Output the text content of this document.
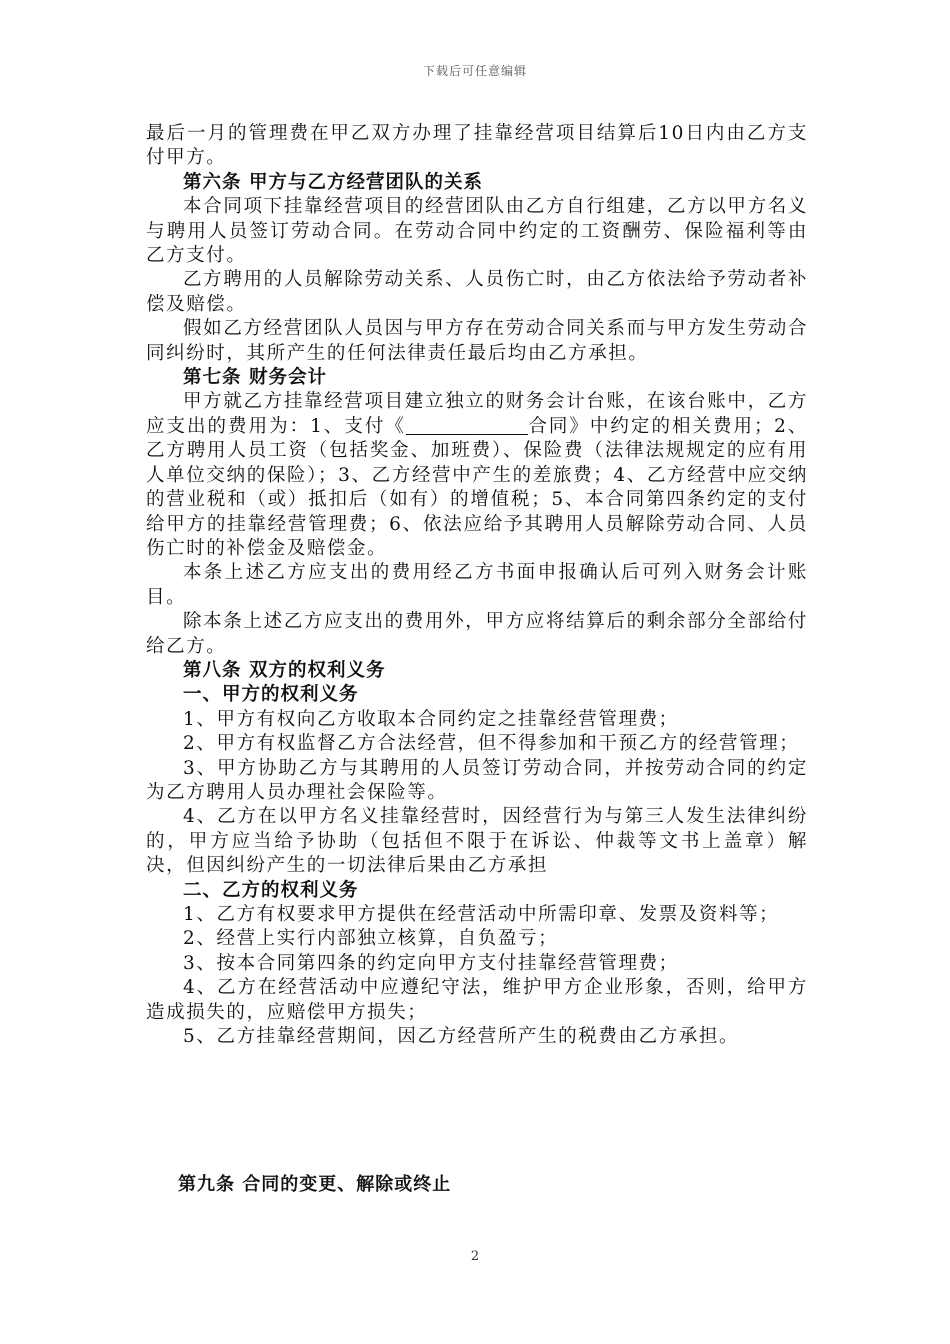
下载后可任意编辑

最后一月的管理费在甲乙双方办理了挂靠经营项目结算后10日内由乙方支付甲方。

第六条 甲方与乙方经营团队的关系

本合同项下挂靠经营项目的经营团队由乙方自行组建，乙方以甲方名义与聘用人员签订劳动合同。在劳动合同中约定的工资酬劳、保险福利等由乙方支付。

乙方聘用的人员解除劳动关系、人员伤亡时，由乙方依法给予劳动者补偿及赔偿。

假如乙方经营团队人员因与甲方存在劳动合同关系而与甲方发生劳动合同纠纷时，其所产生的任何法律责任最后均由乙方承担。

第七条 财务会计

甲方就乙方挂靠经营项目建立独立的财务会计台账，在该台账中，乙方应支出的费用为：1、支付《	合同》中约定的相关费用；2、乙方聘用人员工资（包括奖金、加班费）、保险费（法律法规规定的应有用人单位交纳的保险）；3、乙方经营中产生的差旅费；4、乙方经营中应交纳的营业税和（或）抵扣后（如有）的增值税；5、本合同第四条约定的支付给甲方的挂靠经营管理费；6、依法应给予其聘用人员解除劳动合同、人员伤亡时的补偿金及赔偿金。

本条上述乙方应支出的费用经乙方书面申报确认后可列入财务会计账目。

除本条上述乙方应支出的费用外，甲方应将结算后的剩余部分全部给付给乙方。

第八条 双方的权利义务

一、甲方的权利义务

1、甲方有权向乙方收取本合同约定之挂靠经营管理费；

2、甲方有权监督乙方合法经营，但不得参加和干预乙方的经营管理；

3、甲方协助乙方与其聘用的人员签订劳动合同，并按劳动合同的约定为乙方聘用人员办理社会保险等。

4、乙方在以甲方名义挂靠经营时，因经营行为与第三人发生法律纠纷的，甲方应当给予协助（包括但不限于在诉讼、仲裁等文书上盖章）解决，但因纠纷产生的一切法律后果由乙方承担

二、乙方的权利义务

1、乙方有权要求甲方提供在经营活动中所需印章、发票及资料等；

2、经营上实行内部独立核算，自负盈亏；

3、按本合同第四条的约定向甲方支付挂靠经营管理费；

4、乙方在经营活动中应遵纪守法，维护甲方企业形象，否则，给甲方造成损失的，应赔偿甲方损失；

5、乙方挂靠经营期间，因乙方经营所产生的税费由乙方承担。

第九条 合同的变更、解除或终止
2
